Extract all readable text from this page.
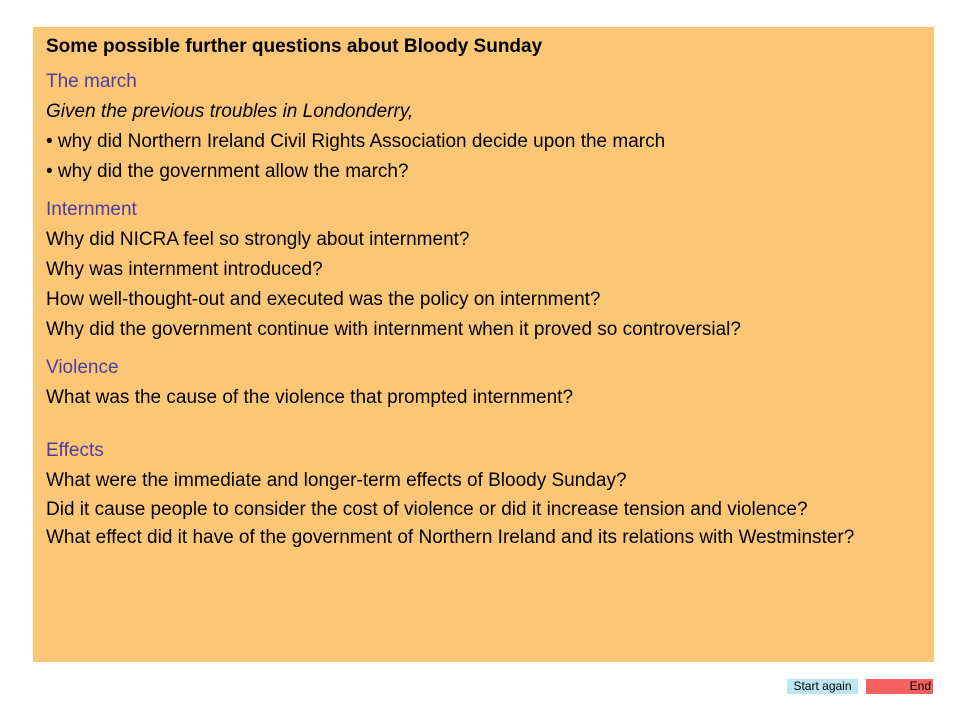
Some possible further questions about Bloody Sunday
The march
Given the previous troubles in Londonderry,
• why did Northern Ireland Civil Rights Association decide upon the march
• why did the government allow the march?
Internment
Why did NICRA feel so strongly about internment?
Why was internment introduced?
How well-thought-out and executed was the policy on internment?
Why did the government continue with internment when it proved so controversial?
Violence
What was the cause of the violence that prompted internment?
Effects
What were the immediate and longer-term effects of Bloody Sunday?
Did it cause people to consider the cost of violence or did it increase tension and violence?
What effect did it have of the government of Northern Ireland and its relations with Westminster?
Start again	End
